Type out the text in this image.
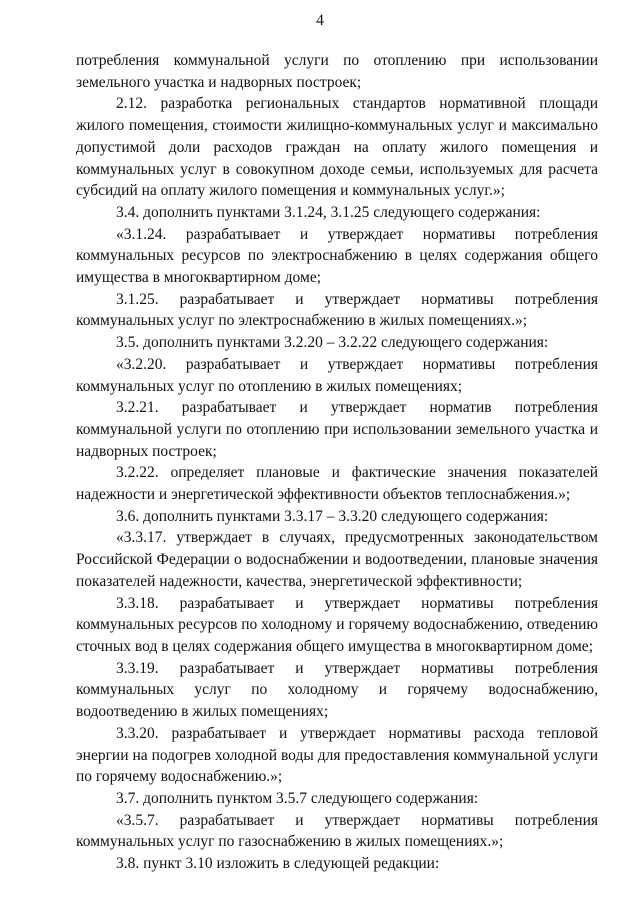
4

потребления коммунальной услуги по отоплению при использовании земельного участка и надворных построек;

2.12. разработка региональных стандартов нормативной площади жилого помещения, стоимости жилищно-коммунальных услуг и максимально допустимой доли расходов граждан на оплату жилого помещения и коммунальных услуг в совокупном доходе семьи, используемых для расчета субсидий на оплату жилого помещения и коммунальных услуг.»;

3.4. дополнить пунктами 3.1.24, 3.1.25 следующего содержания:

«3.1.24. разрабатывает и утверждает нормативы потребления коммунальных ресурсов по электроснабжению в целях содержания общего имущества в многоквартирном доме;

3.1.25. разрабатывает и утверждает нормативы потребления коммунальных услуг по электроснабжению в жилых помещениях.»;

3.5. дополнить пунктами 3.2.20 – 3.2.22 следующего содержания:

«3.2.20. разрабатывает и утверждает нормативы потребления коммунальных услуг по отоплению в жилых помещениях;

3.2.21. разрабатывает и утверждает норматив потребления коммунальной услуги по отоплению при использовании земельного участка и надворных построек;

3.2.22. определяет плановые и фактические значения показателей надежности и энергетической эффективности объектов теплоснабжения.»;

3.6. дополнить пунктами 3.3.17 – 3.3.20 следующего содержания:

«3.3.17. утверждает в случаях, предусмотренных законодательством Российской Федерации о водоснабжении и водоотведении, плановые значения показателей надежности, качества, энергетической эффективности;

3.3.18. разрабатывает и утверждает нормативы потребления коммунальных ресурсов по холодному и горячему водоснабжению, отведению сточных вод в целях содержания общего имущества в многоквартирном доме;

3.3.19. разрабатывает и утверждает нормативы потребления коммунальных услуг по холодному и горячему водоснабжению, водоотведению в жилых помещениях;

3.3.20. разрабатывает и утверждает нормативы расхода тепловой энергии на подогрев холодной воды для предоставления коммунальной услуги по горячему водоснабжению.»;

3.7. дополнить пунктом 3.5.7 следующего содержания:

«3.5.7. разрабатывает и утверждает нормативы потребления коммунальных услуг по газоснабжению в жилых помещениях.»;

3.8. пункт 3.10 изложить в следующей редакции:
